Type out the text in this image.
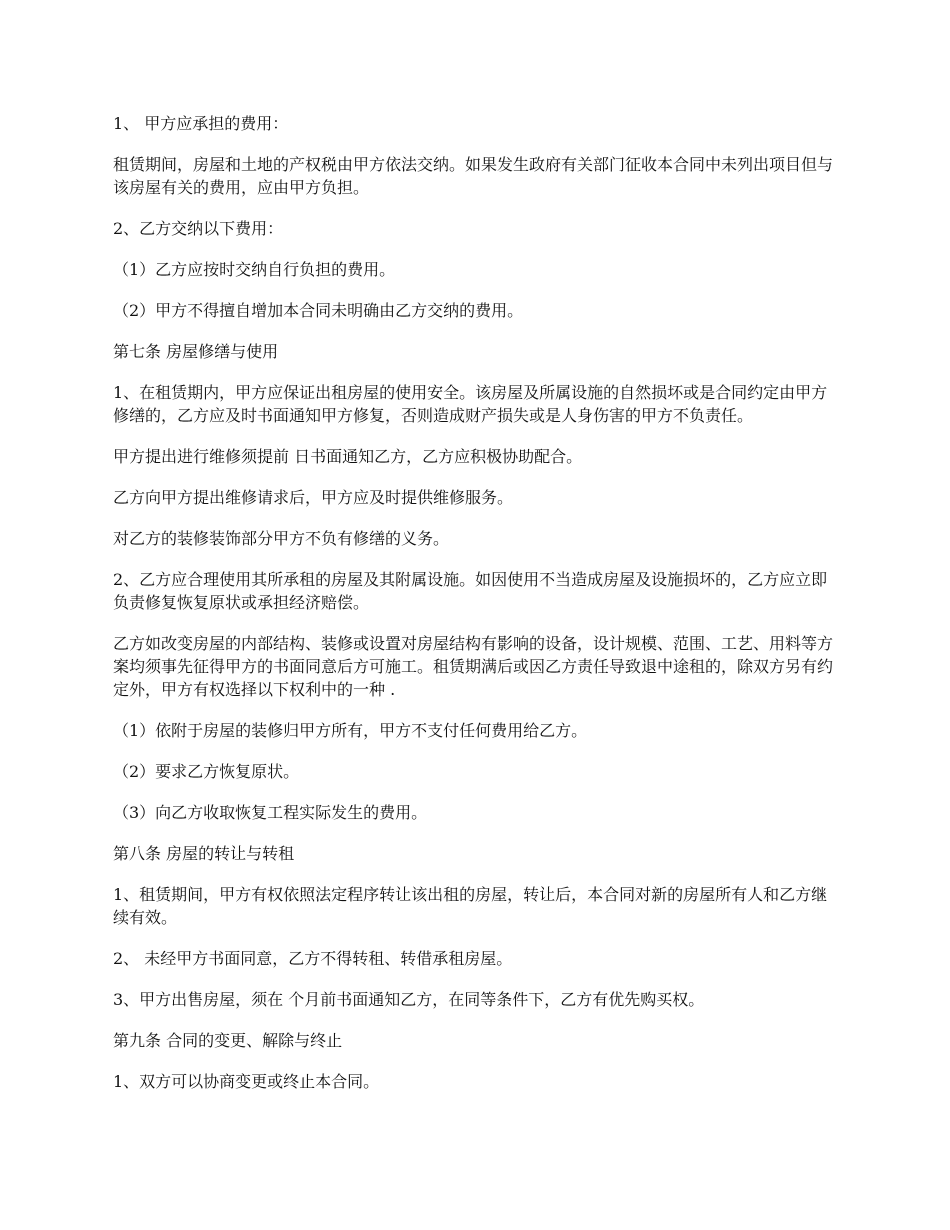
1、 甲方应承担的费用：

租赁期间，房屋和土地的产权税由甲方依法交纳。如果发生政府有关部门征收本合同中未列出项目但与该房屋有关的费用，应由甲方负担。

2、乙方交纳以下费用：

（1）乙方应按时交纳自行负担的费用。

（2）甲方不得擅自增加本合同未明确由乙方交纳的费用。

第七条 房屋修缮与使用

1、在租赁期内，甲方应保证出租房屋的使用安全。该房屋及所属设施的自然损坏或是合同约定由甲方修缮的，乙方应及时书面通知甲方修复，否则造成财产损失或是人身伤害的甲方不负责任。

甲方提出进行维修须提前 日书面通知乙方，乙方应积极协助配合。

乙方向甲方提出维修请求后，甲方应及时提供维修服务。

对乙方的装修装饰部分甲方不负有修缮的义务。

2、乙方应合理使用其所承租的房屋及其附属设施。如因使用不当造成房屋及设施损坏的，乙方应立即负责修复恢复原状或承担经济赔偿。

乙方如改变房屋的内部结构、装修或设置对房屋结构有影响的设备，设计规模、范围、工艺、用料等方案均须事先征得甲方的书面同意后方可施工。租赁期满后或因乙方责任导致退中途租的，除双方另有约定外，甲方有权选择以下权利中的一种 .

（1）依附于房屋的装修归甲方所有，甲方不支付任何费用给乙方。

（2）要求乙方恢复原状。

（3）向乙方收取恢复工程实际发生的费用。

第八条 房屋的转让与转租

1、租赁期间，甲方有权依照法定程序转让该出租的房屋，转让后，本合同对新的房屋所有人和乙方继续有效。

2、 未经甲方书面同意，乙方不得转租、转借承租房屋。

3、甲方出售房屋，须在 个月前书面通知乙方，在同等条件下，乙方有优先购买权。

第九条 合同的变更、解除与终止

1、双方可以协商变更或终止本合同。
